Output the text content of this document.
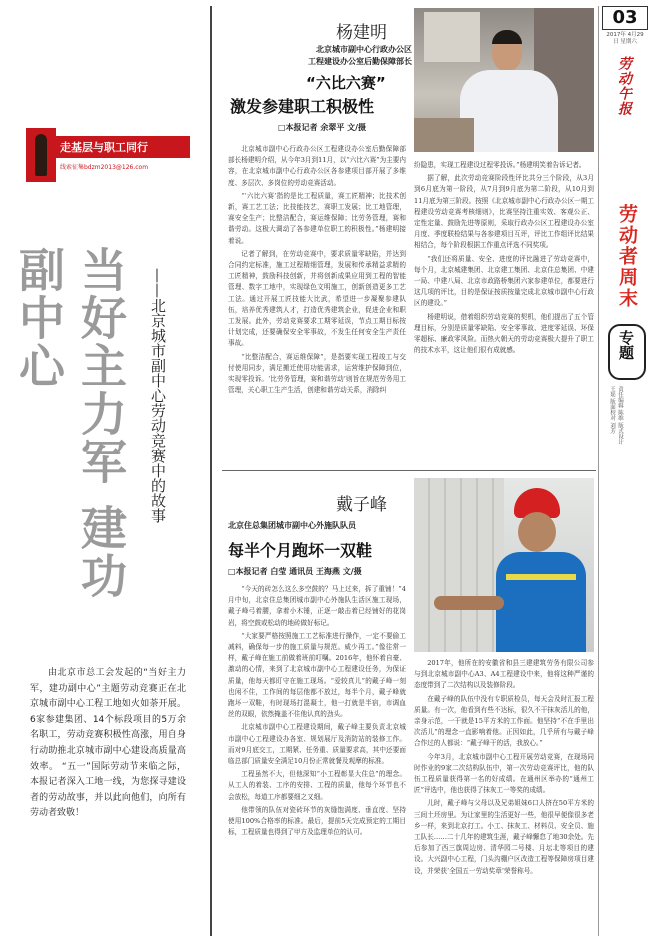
03
2017年 4月29日 星期六
劳动午报
劳动者周末
专题
责任编辑 陈维 版式设计 王瑶 版面校对 刘芳
走基层与职工同行
线索征集bdzm2013@126.com
当好主力军 建功副中心	——北京城市副中心劳动竞赛中的故事

由北京市总工会发起的“当好主力军，建功副中心”主题劳动竞赛正在北京城市副中心工程工地如火如荼开展。6家参建集团、14个标段项目的5万余名职工，劳动竞赛积极性高涨，用自身行动助推北京城市副中心建设高质量高效率。 “五一”国际劳动节来临之际，本报记者深入工地一线，为您探寻建设者的劳动故事，并以此向他们，向所有劳动者致敬！

杨建明
北京城市副中心行政办公区
工程建设办公室后勤保障部长
“六比六赛”
激发参建职工积极性
□本报记者 余翠平 文/摄

北京城市副中心行政办公区工程建设办公室后勤保障部部长杨建明介绍，从今年3月到11月，以“六比六赛”为主要内容，在北京城市副中心行政办公区各参建项目部开展了多维度、多层次、多岗位的劳动竞赛活动。

“‘六比六赛’指的是比工程质量，赛工匠精神；比技术创新，赛工艺工法；比技能技艺，赛职工发展；比工地管理，赛安全生产；比整洁配合，赛运维保障；比劳务管理，赛和谐劳动。这极大调动了各参建单位职工的积极性。”杨建明接着说。

记者了解到，在劳动竞赛中，要求质量零缺陷，并达到合同约定标准，施工过程精细管理，发展和传承精益求精的工匠精神，鼓励科技创新，并将创新成果应用到工程的智能管理、数字工地中，实现绿色文明施工，创新创造更多工艺工法。通过开展工匠技能大比武，希望进一步凝聚参建队伍，培养优秀建筑人才，打造优秀建筑企业，促进企业和职工发展。此外，劳动竞赛要求工期零延误，节点工期目标按计划完成，还要确保安全零事故，不发生任何安全生产责任事故。

“比整洁配合，赛运维保障”，是指要实现工程竣工与交付使用同步，满足搬迁使用功能需求，运营维护保障到位，实现零投诉。‘比劳务管理，赛和谐劳动’则旨在规范劳务用工管理，关心职工生产生活，创建和谐劳动关系，消除纠

纷隐患，实现工程建设过程零投诉。”杨建明笑着告诉记者。

据了解，此次劳动竞赛阶段性评比共分三个阶段，从3月到6月底为第一阶段，从7月到9月底为第二阶段，从10月到11月底为第三阶段。按照《北京城市副中心行政办公区一期工程建设劳动竞赛考核细则》，比赛坚持注重实效、客观公正、定性定量、鼓励先进等原则，采取行政办公区工程建设办公室月度、季度联检结果与各参建项目互评，评比工作组评比结果相结合，每个阶段根据工作重点评选不同奖项。

“我们还将质量、安全、进度的评比融进了劳动竞赛中，每个月，北京城建集团、北京建工集团、北京住总集团、中建一局、中建八局、北京市政路桥集团六家参建单位，都要进行这几项的评比，目的是保证按质按量完成北京城市副中心行政区的建设。”

杨建明说，借着组织劳动竞赛的契机，他们提出了五个管理目标，分别是质量零缺陷、安全零事故、进度零延误、环保零超标、廉政零风险。而热火朝天的劳动竞赛极大提升了职工的技术水平，这让他们很有成就感。

戴子峰
北京住总集团城市副中心外施队队员
每半个月跑坏一双鞋
□本报记者 白莹 通讯员 王海燕 文/摄

“今天的砖怎么这么多空鼓的？马上过来，拆了重铺！”4月中旬，北京住总集团城市副中心外施队生活区施工现场，戴子峰弓着腰，拿着小木锤，正逐一敲击着已经铺好的花岗岩，将空鼓或松动的地砖做好标记。

“大家要严格按照施工工艺标准进行操作，一定不要偷工减料，确保每一步的施工质量与规范。威少再工。”像往常一样，戴子峰在施工前做着班前叮嘱。2016年，他怀着自豪、激动的心情，来到了北京城市副中心工程建设任务，为保证质量，他每天都盯守在施工现场。“爱较真儿”的戴子峰一刻也闲不住，工作间的每层他都不放过，每半个月，戴子峰就跑坏一双鞋，有时现场打混凝土，他一打就是半宿，市调血丝的双眼，依然掩盖不住他认真的劲头。

北京城市副中心工程建设期间，戴子峰主要负责北京城市副中心工程建设办各室、规划展厅及消防站的装修工作。而对9月底交工，工期紧、任务重、质量要求高，其中还要面临总部门质量安全满足10月份正常就餐及观摩的标准。

工程虽然不大，但他深知“小工程彰显大住总”的理念。从工人的着装、工序的安排、工程的质量，他每个环节也不会放松，每道工序都要细之又细。

他带领的队伍对瓷砖环节的灰缝饱满度、垂直度、坚持使用100%合格率的标准。最后，提前5天完成预定的工期目标，工程质量也得到了甲方及监理单位的认可。

2017年，他所在的安徽省和县三建建筑劳务有限公司参与到北京城市副中心A3、A4工程建设中来，他将这种严谨的态度带到了二次结构以及装修阶段。

在戴子峰的队伍中没有专职质检员，每天会及时汇报工程质量。有一次，他看到有些不达标，很久不干抹灰活儿的他，亲身示范，一干就是15平方米的工作面。他坚持“不在手里出次活儿”的理念一直影响着他。正因如此，几乎所有与戴子峰合作过的人都说：“戴子峰干的活，我放心。”

今年3月，北京城市副中心工程开展劳动竞赛，在现场同时作业的9家二次结构队伍中，第一次劳动竞赛评比，他的队伍工程质量获得第一名的好成绩。在通州区举办的“通州工匠”评选中，他也获得了抹灰工一等奖的成绩。

儿时，戴子峰与父母以及兄弟姐妹6口人挤在50平方米的三间土坯房里。为让家里的生活更好一些，他很早便像很多老乡一样，来到北京打工。小工、抹灰工、材料员、安全员、施工队长……二十几年的建筑生涯，戴子峰懈怠了地30余处。先后参加了西三旗周边房、清华园二号楼、月坛北等项目的建设。大兴副中心工程，门头沟棚户区改造工程等保障房项目建设，并荣获‘全国五一劳动奖章’荣誉称号。
